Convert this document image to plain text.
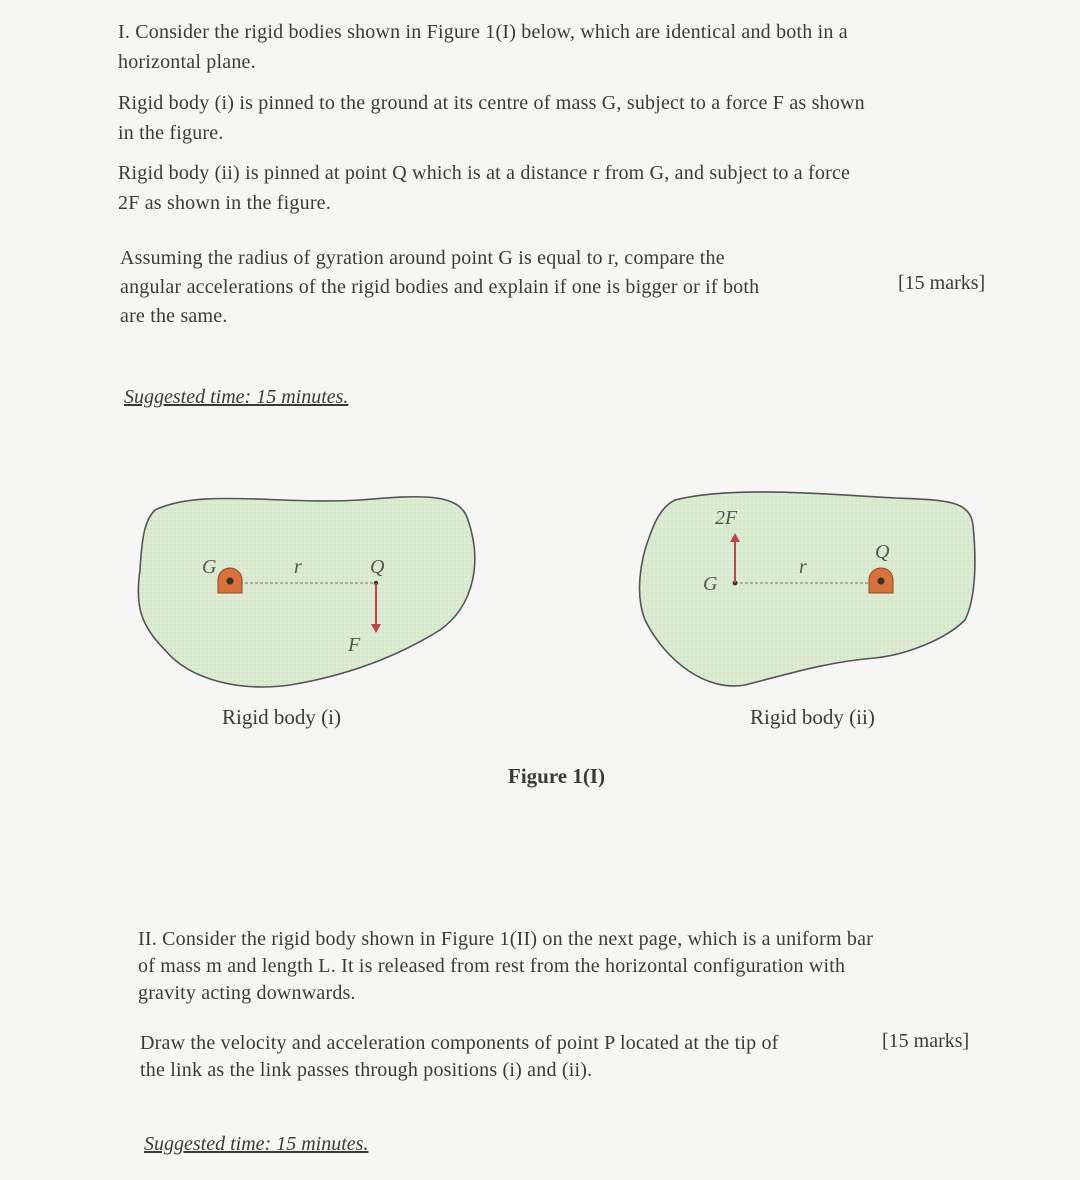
I. Consider the rigid bodies shown in Figure 1(I) below, which are identical and both in a
horizontal plane.
Rigid body (i) is pinned to the ground at its centre of mass G, subject to a force F as shown
in the figure.
Rigid body (ii) is pinned at point Q which is at a distance r from G, and subject to a force
2F as shown in the figure.
Assuming the radius of gyration around point G is equal to r, compare the
angular accelerations of the rigid bodies and explain if one is bigger or if both
are the same.
[15 marks]
Suggested time: 15 minutes.
G	r	Q
F
2F
G
r
Q
Rigid body (i)	Rigid body (ii)
Figure 1(I)
II. Consider the rigid body shown in Figure 1(II) on the next page, which is a uniform bar
of mass m and length L. It is released from rest from the horizontal configuration with
gravity acting downwards.
Draw the velocity and acceleration components of point P located at the tip of
the link as the link passes through positions (i) and (ii).
[15 marks]
Suggested time: 15 minutes.
